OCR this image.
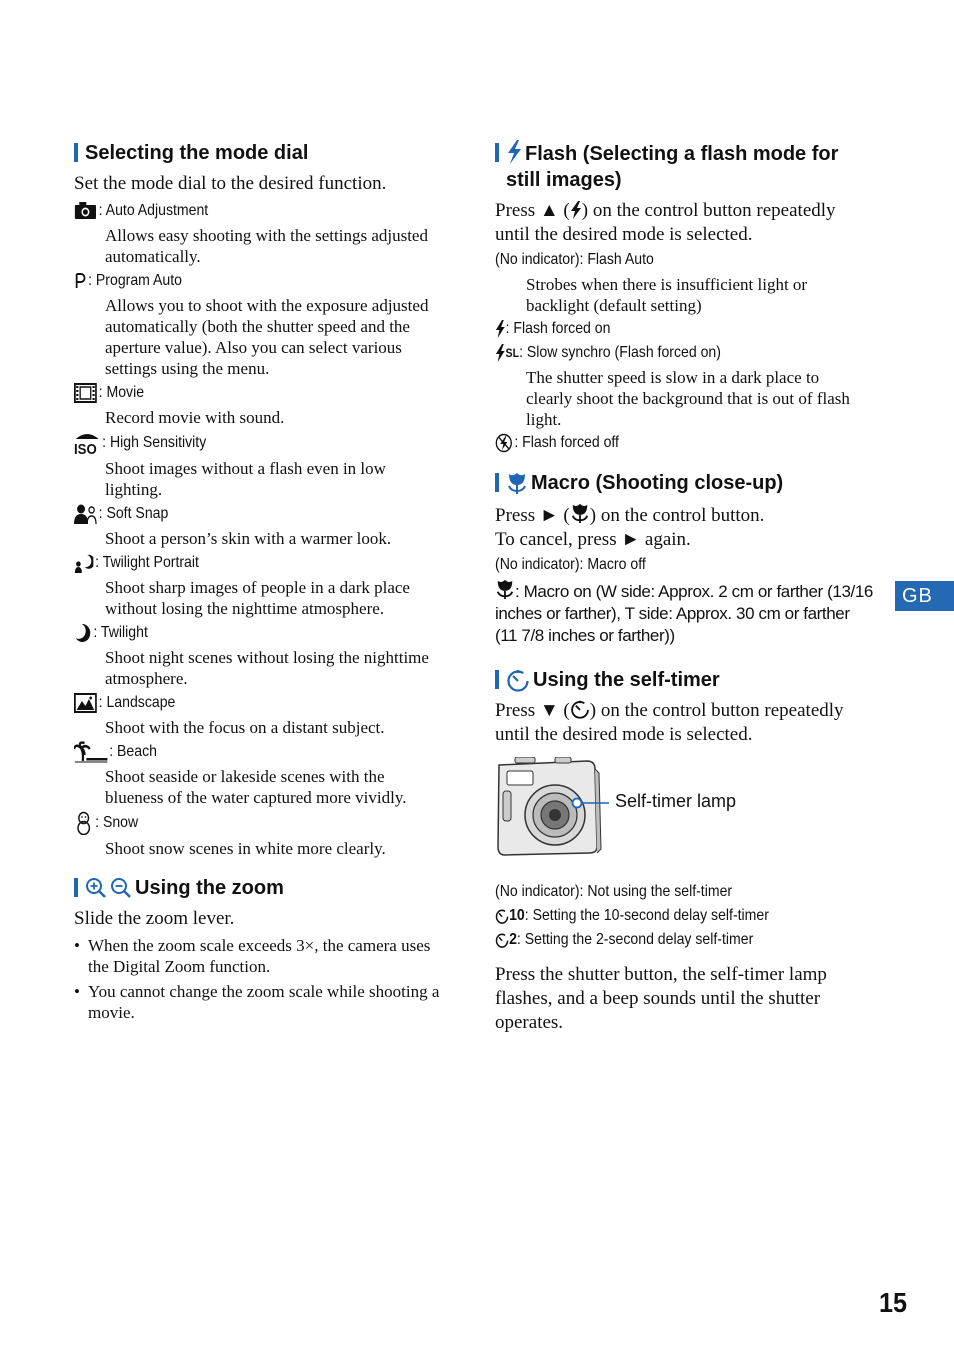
Selecting the mode dial
Set the mode dial to the desired function.
: Auto Adjustment
Allows easy shooting with the settings adjusted automatically.
: Program Auto
Allows you to shoot with the exposure adjusted automatically (both the shutter speed and the aperture value). Also you can select various settings using the menu.
: Movie
Record movie with sound.
ISO : High Sensitivity
Shoot images without a flash even in low lighting.
: Soft Snap
Shoot a person’s skin with a warmer look.
: Twilight Portrait
Shoot sharp images of people in a dark place without losing the nighttime atmosphere.
: Twilight
Shoot night scenes without losing the nighttime atmosphere.
: Landscape
Shoot with the focus on a distant subject.
: Beach
Shoot seaside or lakeside scenes with the blueness of the water captured more vividly.
: Snow
Shoot snow scenes in white more clearly.
Using the zoom
Slide the zoom lever.
• When the zoom scale exceeds 3×, the camera uses the Digital Zoom function.
• You cannot change the zoom scale while shooting a movie.
Flash (Selecting a flash mode for still images)
Press ▲ ( ) on the control button repeatedly until the desired mode is selected.
(No indicator): Flash Auto
Strobes when there is insufficient light or backlight (default setting)
: Flash forced on
SL : Slow synchro (Flash forced on)
The shutter speed is slow in a dark place to clearly shoot the background that is out of flash light.
: Flash forced off
Macro (Shooting close-up)
Press ► ( ) on the control button.
To cancel, press ► again.
(No indicator): Macro off
: Macro on (W side: Approx. 2 cm or farther (13/16 inches or farther), T side: Approx. 30 cm or farther (11 7/8 inches or farther))
Using the self-timer
Press ▼ ( ) on the control button repeatedly until the desired mode is selected.
Self-timer lamp
(No indicator): Not using the self-timer
10 : Setting the 10-second delay self-timer
2 : Setting the 2-second delay self-timer
Press the shutter button, the self-timer lamp flashes, and a beep sounds until the shutter operates.
GB
15
